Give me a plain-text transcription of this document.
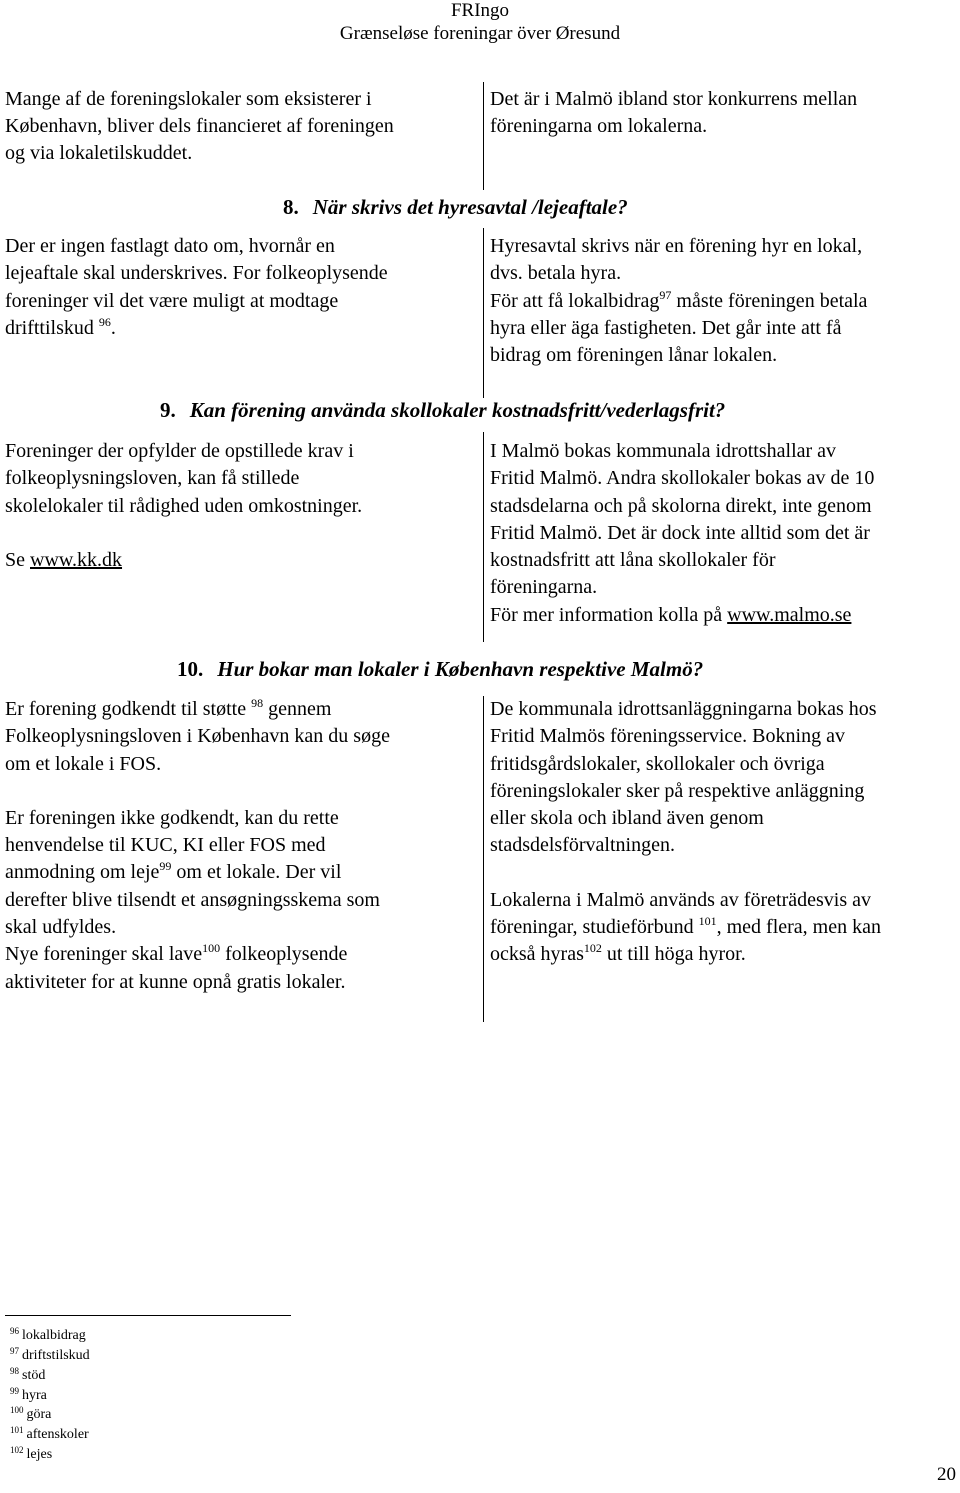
FRIngo
Grænseløse foreningar över Øresund
Mange af de foreningslokaler som eksisterer i
København, bliver dels financieret af foreningen
og via lokaletilskuddet.
Det är i Malmö ibland stor konkurrens mellan
föreningarna om lokalerna.
8. När skrivs det hyresavtal /lejeaftale?
Der er ingen fastlagt dato om, hvornår en
lejeaftale skal underskrives. For folkeoplysende
foreninger vil det være muligt at modtage
drifttilskud $^{96}$.
Hyresavtal skrivs när en förening hyr en lokal,
dvs. betala hyra.
För att få lokalbidrag$^{97}$ måste föreningen betala
hyra eller äga fastigheten. Det går inte att få
bidrag om föreningen lånar lokalen.
9. Kan förening använda skollokaler kostnadsfritt/vederlagsfrit?
Foreninger der opfylder de opstillede krav i
folkeoplysningsloven, kan få stillede
skolelokaler til rådighed uden omkostninger.
Se www.kk.dk
I Malmö bokas kommunala idrottshallar av
Fritid Malmö. Andra skollokaler bokas av de 10
stadsdelarna och på skolorna direkt, inte genom
Fritid Malmö. Det är dock inte alltid som det är
kostnadsfritt att låna skollokaler för
föreningarna.
För mer information kolla på www.malmo.se
10. Hur bokar man lokaler i København respektive Malmö?
Er forening godkendt til støtte $^{98}$ gennem
Folkeoplysningsloven i København kan du søge
om et lokale i FOS.
Er foreningen ikke godkendt, kan du rette
henvendelse til KUC, KI eller FOS med
anmodning om leje$^{99}$ om et lokale. Der vil
derefter blive tilsendt et ansøgningsskema som
skal udfyldes.
Nye foreninger skal lave$^{100}$ folkeoplysende
aktiviteter for at kunne opnå gratis lokaler.
De kommunala idrottsanläggningarna bokas hos
Fritid Malmös föreningsservice. Bokning av
fritidsgårdslokaler, skollokaler och övriga
föreningslokaler sker på respektive anläggning
eller skola och ibland även genom
stadsdelsförvaltningen.
Lokalerna i Malmö används av företrädesvis av
föreningar, studieförbund $^{101}$, med flera, men kan
också hyras$^{102}$ ut till höga hyror.
$^{96}$ lokalbidrag
$^{97}$ driftstilskud
$^{98}$ stöd
$^{99}$ hyra
$^{100}$ göra
$^{101}$ aftenskoler
$^{102}$ lejes
20
